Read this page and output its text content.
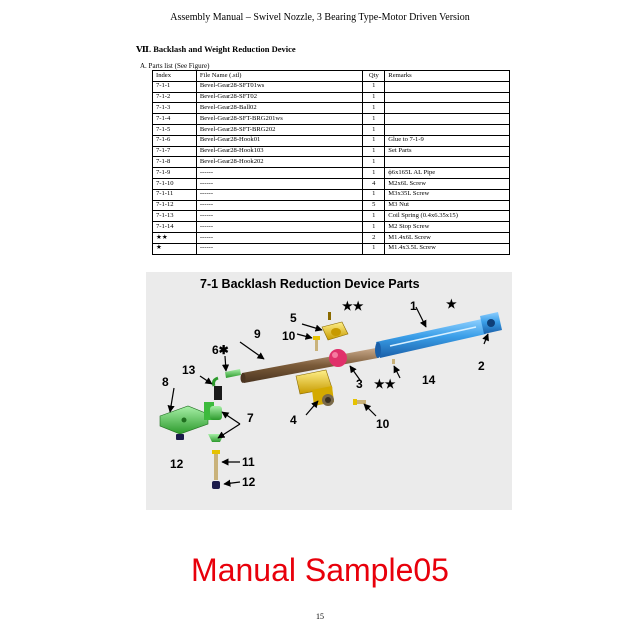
Assembly Manual – Swivel Nozzle, 3 Bearing Type-Motor Driven Version
Ⅶ. Backlash and Weight Reduction Device
A. Parts list (See Figure)
Index	File Name (.stl)	Qty	Remarks
7-1-1	Bevel-Gear28-SFT01ws	1	
7-1-2	Bevel-Gear28-SFT02	1	
7-1-3	Bevel-Gear28-Ball02	1	
7-1-4	Bevel-Gear28-SFT-BRG201ws	1	
7-1-5	Bevel-Gear28-SFT-BRG202	1	
7-1-6	Bevel-Gear28-Hook01	1	Glue to 7-1-9
7-1-7	Bevel-Gear28-Hook103	1	Set Parts
7-1-8	Bevel-Gear28-Hook202	1	
7-1-9	------	1	ϕ6x165L AL Pipe
7-1-10	------	4	M2x6L Screw
7-1-11	------	1	M3x35L Screw
7-1-12	------	5	M3 Nut
7-1-13	------	1	Coil Spring (0.4x6.35x15)
7-1-14	------	1	M2 Stop Screw
★★	------	2	M1.4x6L Screw
★	------	1	M1.4x3.5L Screw
7-1 Backlash Reduction Device Parts
1
2
3
4
5
6✱
7
8
9 10
10
11
12
12
13
14
★★
★★
★
Manual Sample05
15
